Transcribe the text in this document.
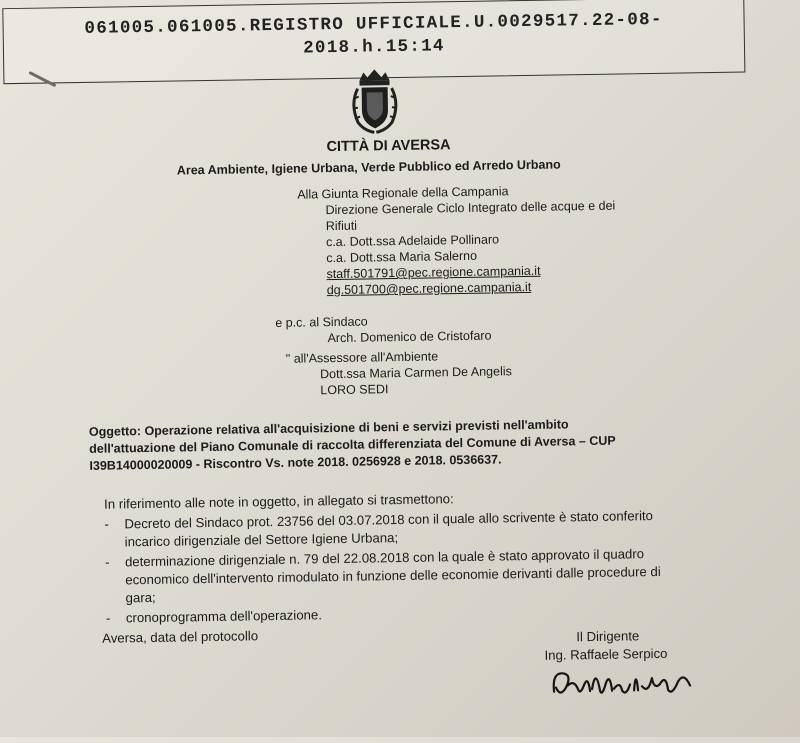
061005.061005.REGISTRO UFFICIALE.U.0029517.22-08-
2018.h.15:14
CITTÀ DI AVERSA
Area Ambiente, Igiene Urbana, Verde Pubblico ed Arredo Urbano
Alla Giunta Regionale della Campania
Direzione Generale Ciclo Integrato delle acque e dei
Rifiuti
c.a. Dott.ssa Adelaide Pollinaro
c.a. Dott.ssa Maria Salerno
staff.501791@pec.regione.campania.it
dg.501700@pec.regione.campania.it
e p.c. al Sindaco
Arch. Domenico de Cristofaro
" all'Assessore all'Ambiente
Dott.ssa Maria Carmen De Angelis
LORO SEDI
Oggetto: Operazione relativa all'acquisizione di beni e servizi previsti nell'ambito
dell'attuazione del Piano Comunale di raccolta differenziata del Comune di Aversa – CUP
I39B14000020009 - Riscontro Vs. note 2018. 0256928 e 2018. 0536637.
In riferimento alle note in oggetto, in allegato si trasmettono:
- Decreto del Sindaco prot. 23756 del 03.07.2018 con il quale allo scrivente è stato conferito
incarico dirigenziale del Settore Igiene Urbana;
- determinazione dirigenziale n. 79 del 22.08.2018 con la quale è stato approvato il quadro
economico dell'intervento rimodulato in funzione delle economie derivanti dalle procedure di
gara;
- cronoprogramma dell'operazione.
Aversa, data del protocollo	Il Dirigente
Ing. Raffaele Serpico
